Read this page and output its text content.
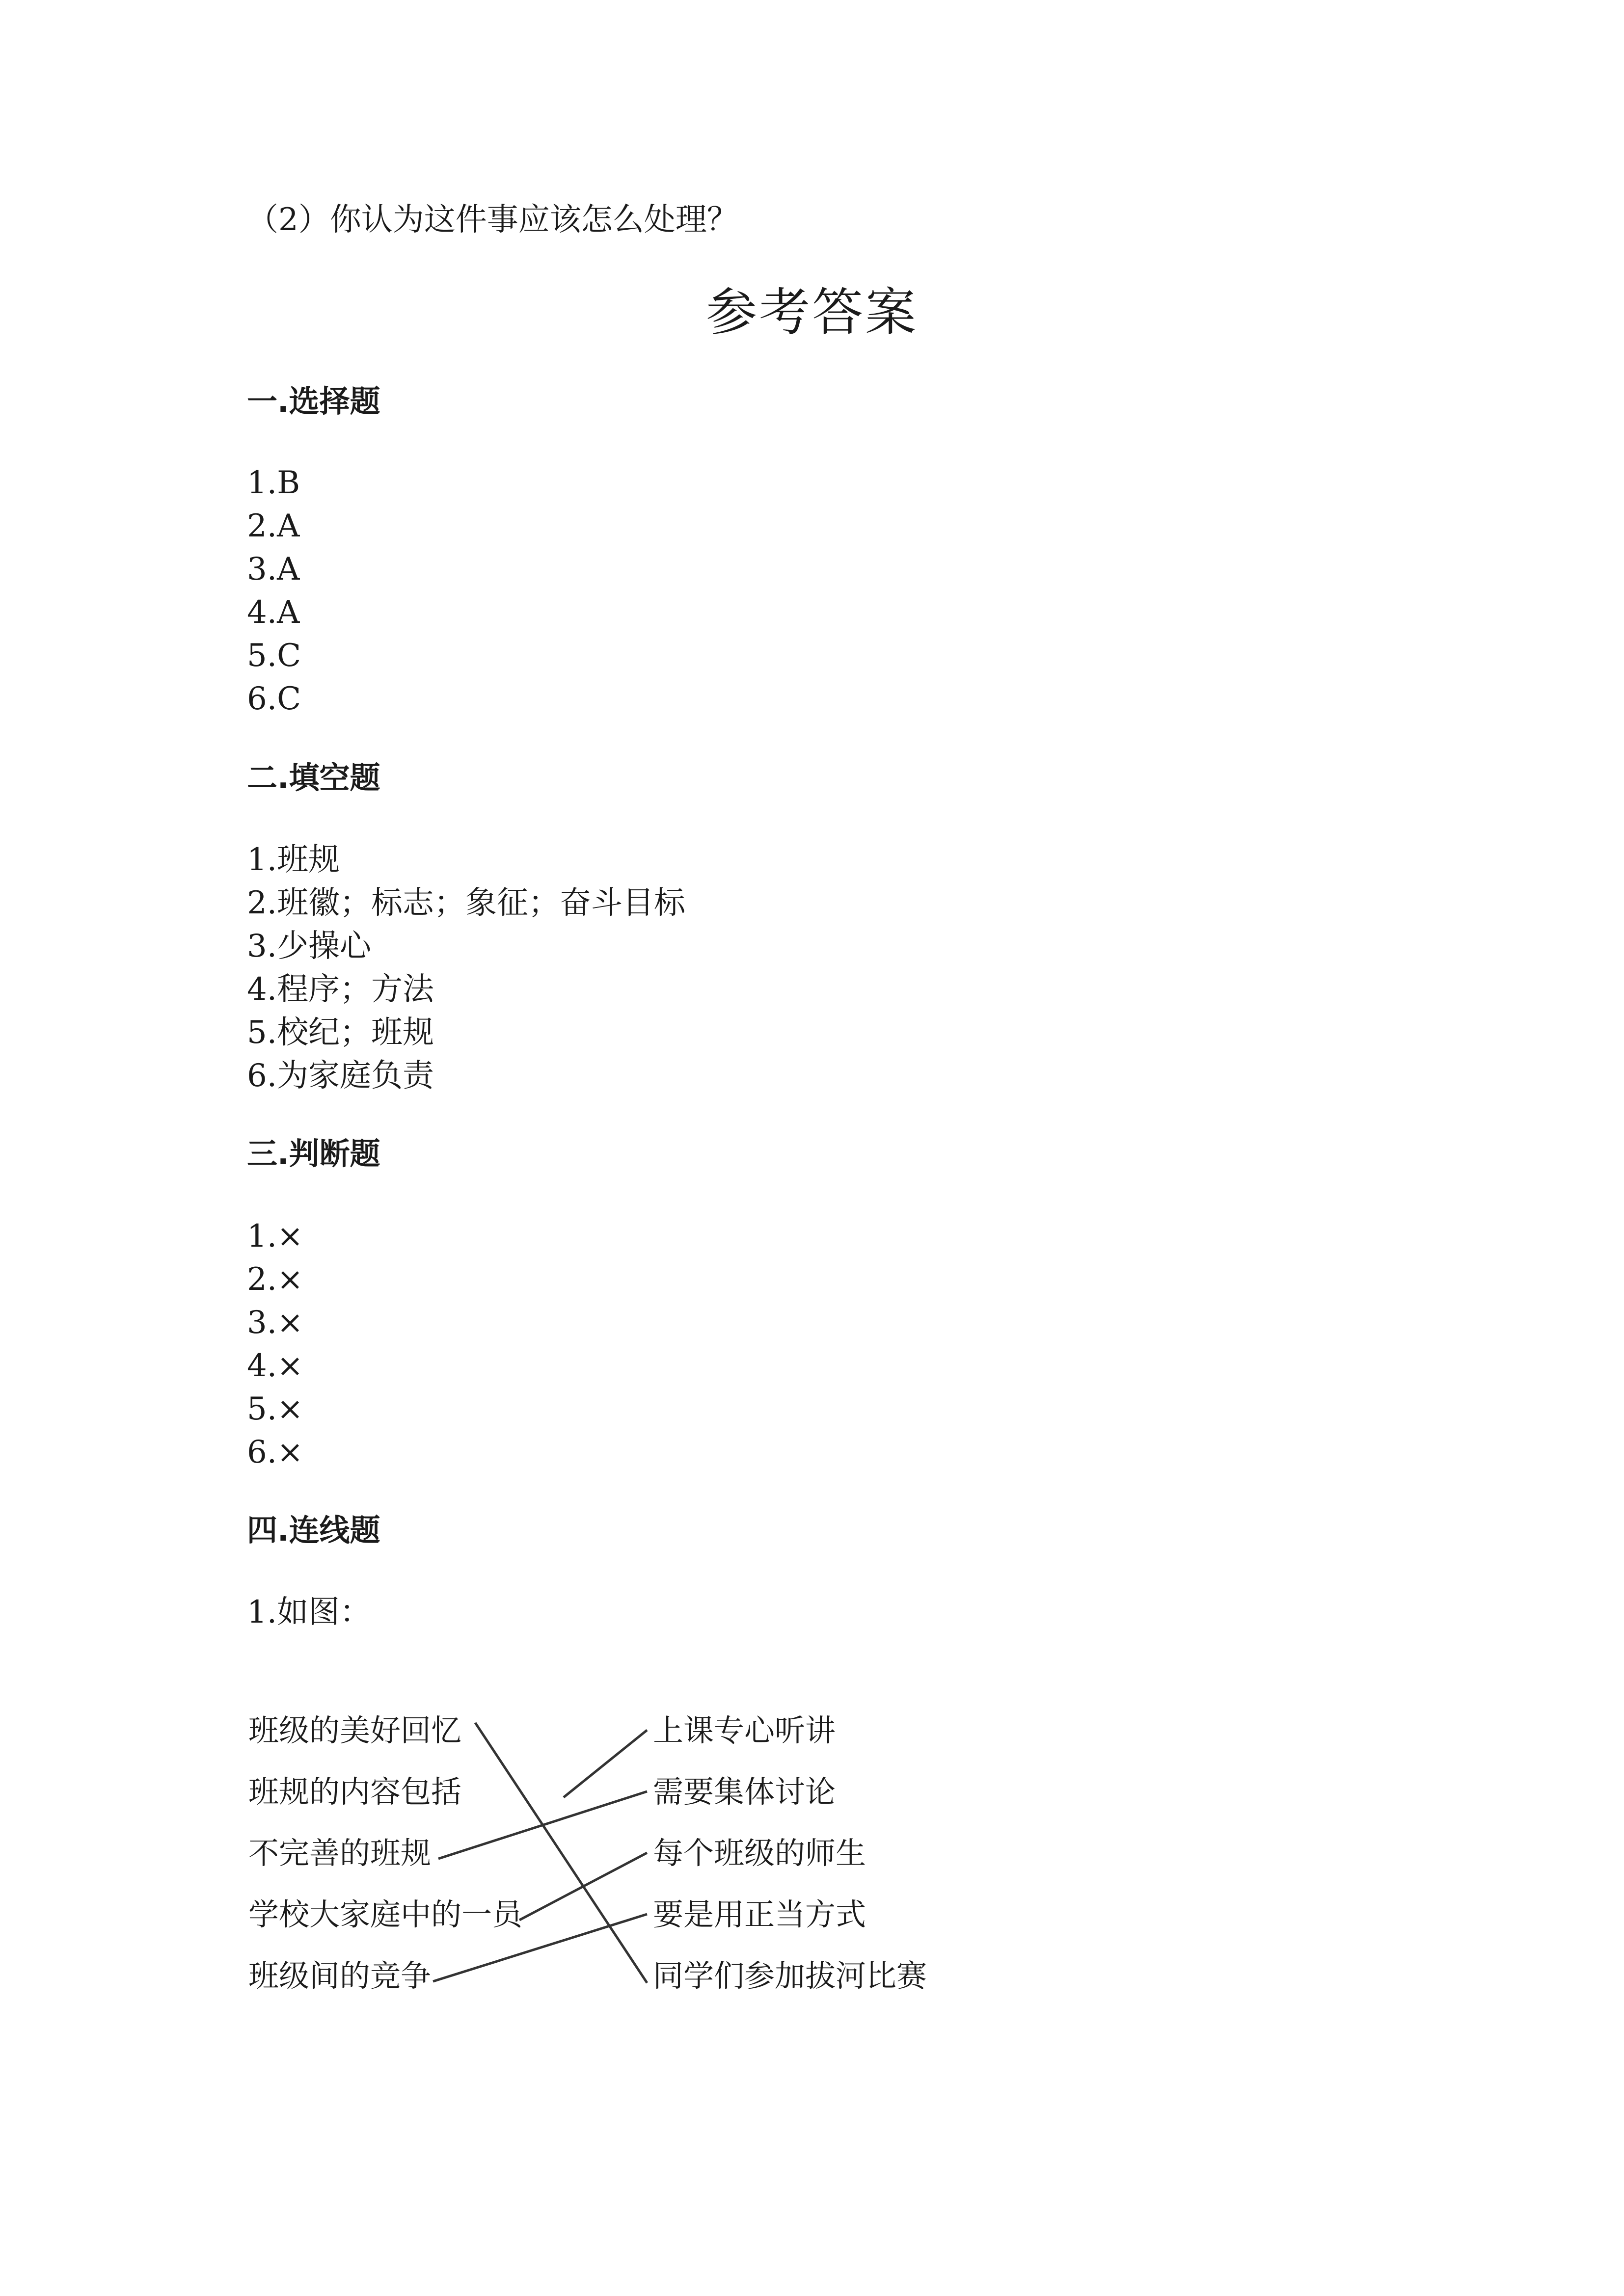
（2）你认为这件事应该怎么处理？
参考答案
一.选择题
1.B
2.A
3.A
4.A
5.C
6.C
二.填空题
1.班规
2.班徽；标志；象征；奋斗目标
3.少操心
4.程序；方法
5.校纪；班规
6.为家庭负责
三.判断题
1.×
2.×
3.×
4.×
5.×
6.×
四.连线题
1.如图：
班级的美好回忆
班规的内容包括
不完善的班规
学校大家庭中的一员
班级间的竞争
上课专心听讲
需要集体讨论
每个班级的师生
要是用正当方式
同学们参加拔河比赛
